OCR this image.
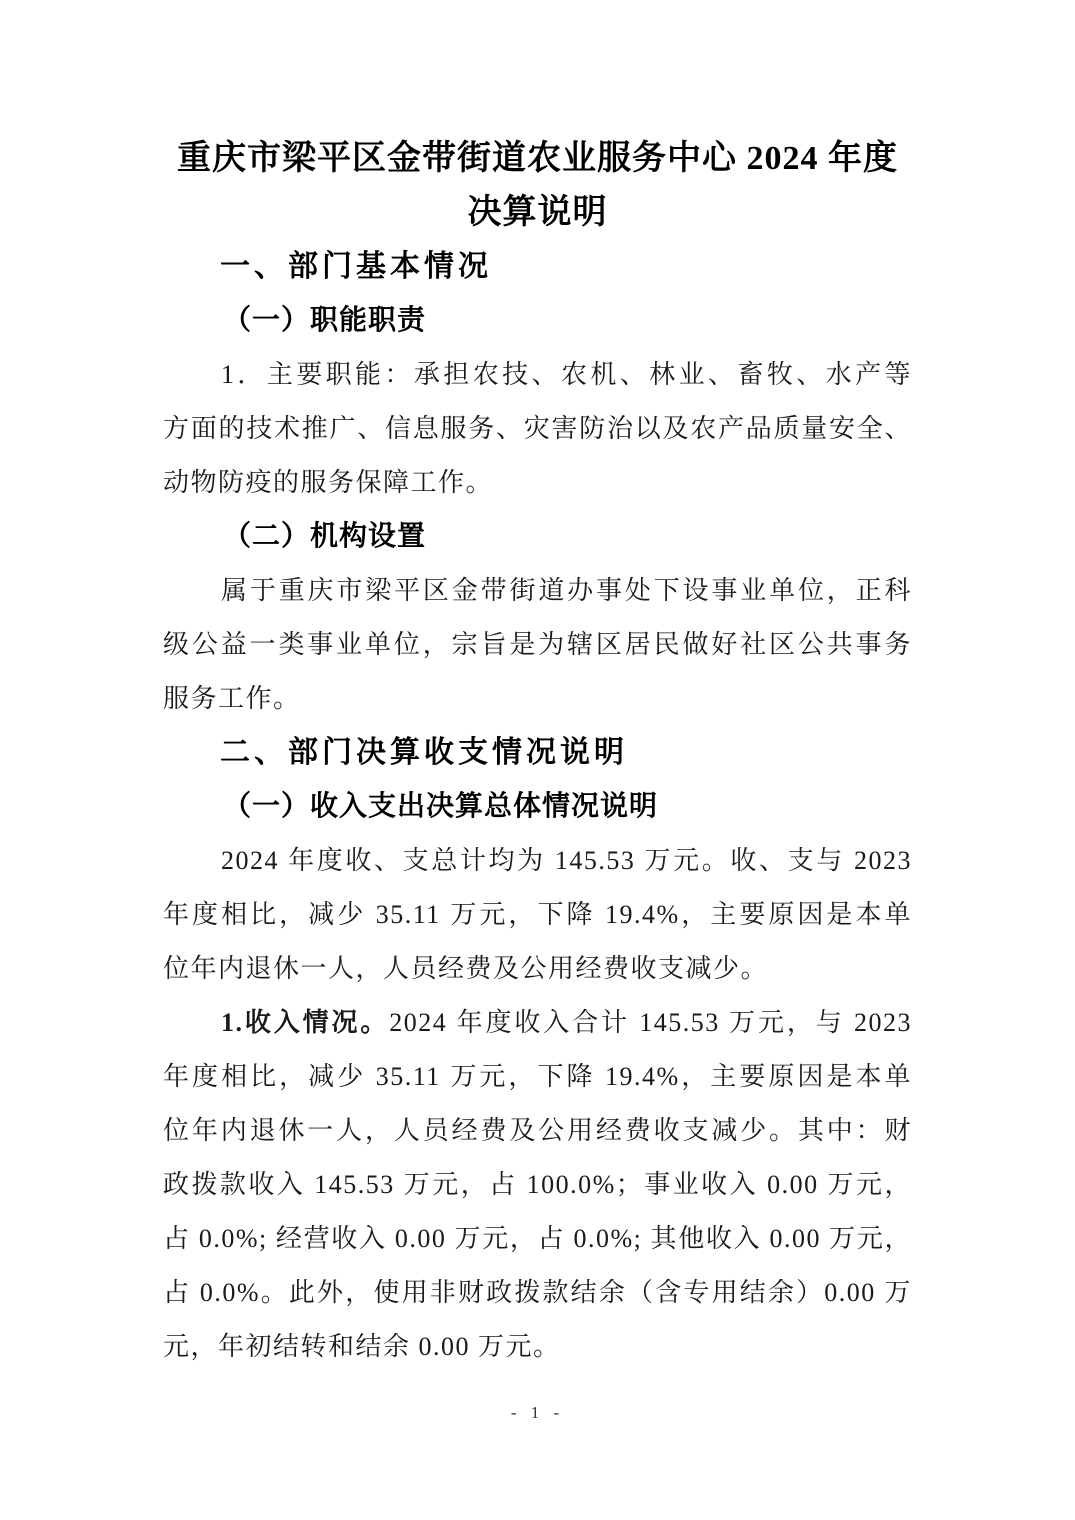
重庆市梁平区金带街道农业服务中心 2024 年度
决算说明
一、部门基本情况
（一）职能职责
1．主要职能：承担农技、农机、林业、畜牧、水产等
方面的技术推广、信息服务、灾害防治以及农产品质量安全、
动物防疫的服务保障工作。
（二）机构设置
属于重庆市梁平区金带街道办事处下设事业单位，正科
级公益一类事业单位，宗旨是为辖区居民做好社区公共事务
服务工作。
二、部门决算收支情况说明
（一）收入支出决算总体情况说明
2024 年度收、支总计均为 145.53 万元。收、支与 2023
年度相比，减少 35.11 万元，下降 19.4%，主要原因是本单
位年内退休一人，人员经费及公用经费收支减少。
1.收入情况。2024 年度收入合计 145.53 万元，与 2023
年度相比，减少 35.11 万元，下降 19.4%，主要原因是本单
位年内退休一人，人员经费及公用经费收支减少。其中：财
政拨款收入 145.53 万元，占 100.0%；事业收入 0.00 万元，
占 0.0%; 经营收入 0.00 万元，占 0.0%; 其他收入 0.00 万元，
占 0.0%。此外，使用非财政拨款结余（含专用结余）0.00 万
元，年初结转和结余 0.00 万元。
- 1 -
